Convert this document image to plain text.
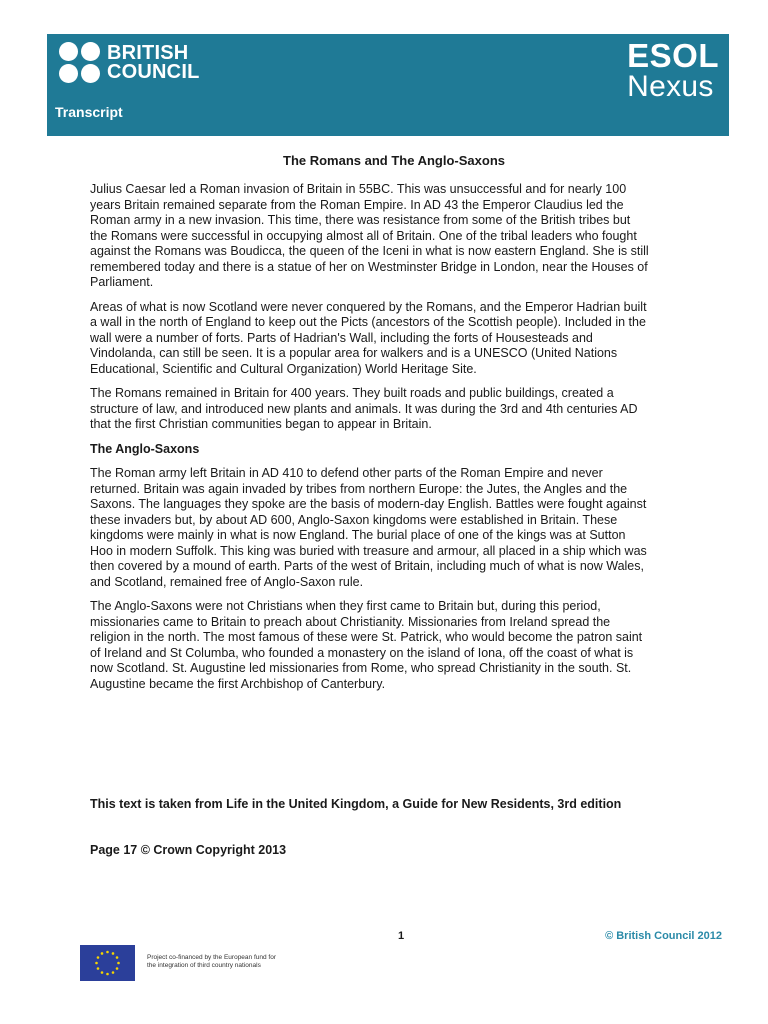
BRITISH
COUNCIL	ESOL
Nexus
Transcript
The Romans and The Anglo-Saxons

Julius Caesar led a Roman invasion of Britain in 55BC. This was unsuccessful and for nearly 100 years Britain remained separate from the Roman Empire. In AD 43 the Emperor Claudius led the Roman army in a new invasion. This time, there was resistance from some of the British tribes but the Romans were successful in occupying almost all of Britain. One of the tribal leaders who fought against the Romans was Boudicca, the queen of the Iceni in what is now eastern England. She is still remembered today and there is a statue of her on Westminster Bridge in London, near the Houses of Parliament.

Areas of what is now Scotland were never conquered by the Romans, and the Emperor Hadrian built a wall in the north of England to keep out the Picts (ancestors of the Scottish people). Included in the wall were a number of forts. Parts of Hadrian's Wall, including the forts of Housesteads and Vindolanda, can still be seen. It is a popular area for walkers and is a UNESCO (United Nations Educational, Scientific and Cultural Organization) World Heritage Site.

The Romans remained in Britain for 400 years. They built roads and public buildings, created a structure of law, and introduced new plants and animals. It was during the 3rd and 4th centuries AD that the first Christian communities began to appear in Britain.

The Anglo-Saxons

The Roman army left Britain in AD 410 to defend other parts of the Roman Empire and never returned. Britain was again invaded by tribes from northern Europe: the Jutes, the Angles and the Saxons. The languages they spoke are the basis of modern-day English. Battles were fought against these invaders but, by about AD 600, Anglo-Saxon kingdoms were established in Britain. These kingdoms were mainly in what is now England. The burial place of one of the kings was at Sutton Hoo in modern Suffolk. This king was buried with treasure and armour, all placed in a ship which was then covered by a mound of earth. Parts of the west of Britain, including much of what is now Wales, and Scotland, remained free of Anglo-Saxon rule.

The Anglo-Saxons were not Christians when they first came to Britain but, during this period, missionaries came to Britain to preach about Christianity. Missionaries from Ireland spread the religion in the north. The most famous of these were St. Patrick, who would become the patron saint of Ireland and St Columba, who founded a monastery on the island of Iona, off the coast of what is now Scotland. St. Augustine led missionaries from Rome, who spread Christianity in the south. St. Augustine became the first Archbishop of Canterbury.

This text is taken from Life in the United Kingdom, a Guide for New Residents, 3rd edition

Page 17 © Crown Copyright 2013

1	© British Council 2012
Project co-financed by the European fund for the integration of third country nationals
